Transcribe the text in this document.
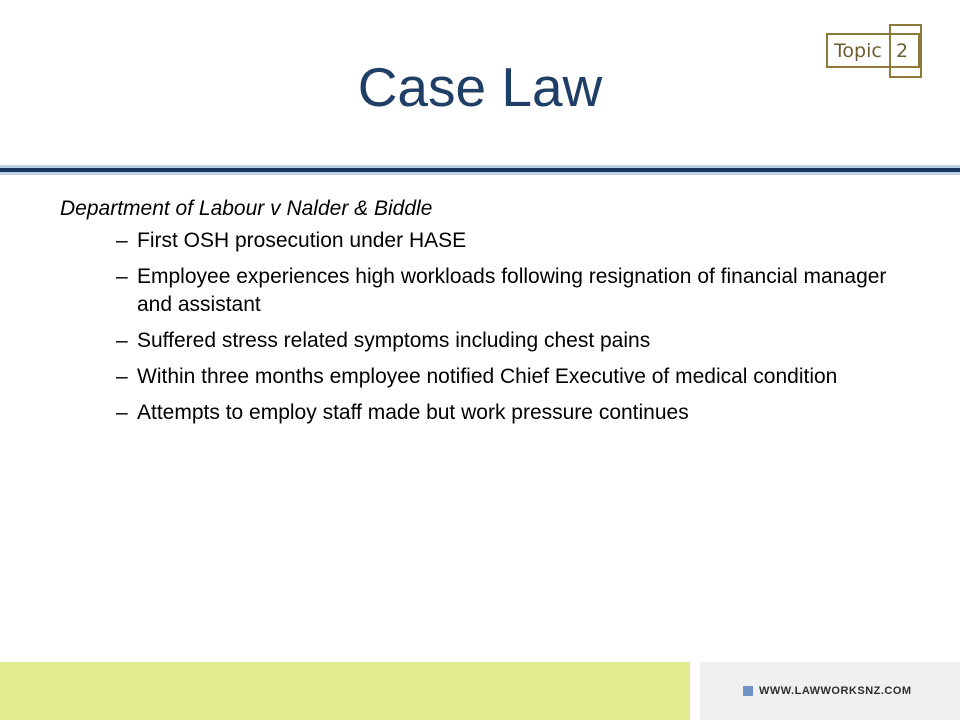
Case Law
Topic 2

Department of Labour v Nalder & Biddle

– First OSH prosecution under HASE
– Employee experiences high workloads following resignation of financial manager and assistant
– Suffered stress related symptoms including chest pains
– Within three months employee notified Chief Executive of medical condition
– Attempts to employ staff made but work pressure continues
WWW.LAWWORKSNZ.COM
